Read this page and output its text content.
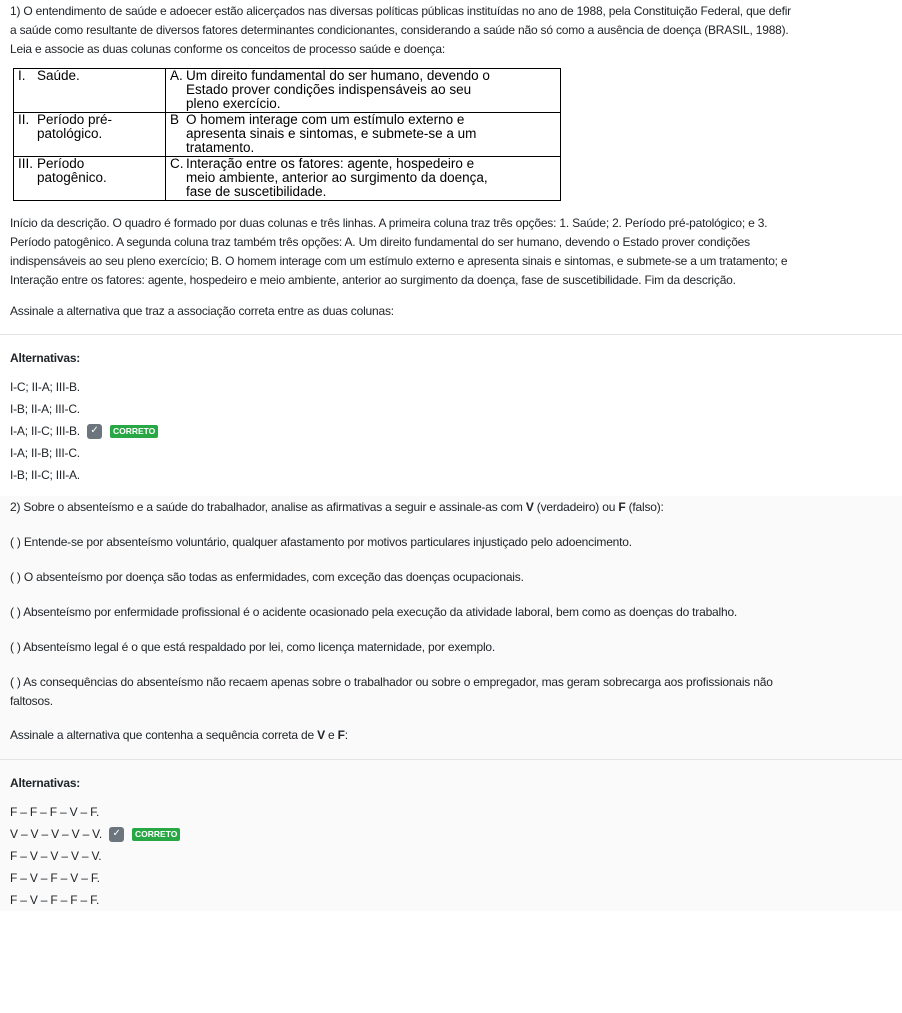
1) O entendimento de saúde e adoecer estão alicerçados nas diversas políticas públicas instituídas no ano de 1988, pela Constituição Federal, que defir
a saúde como resultante de diversos fatores determinantes condicionantes, considerando a saúde não só como a ausência de doença (BRASIL, 1988).
Leia e associe as duas colunas conforme os conceitos de processo saúde e doença:

I. Saúde.	A. Um direito fundamental do ser humano, devendo o
Estado prover condições indispensáveis ao seu
pleno exercício.

II. Período pré-
patológico.	B O homem interage com um estímulo externo e
apresenta sinais e sintomas, e submete-se a um
tratamento.

III. Período
patogênico.	C. Interação entre os fatores: agente, hospedeiro e
meio ambiente, anterior ao surgimento da doença,
fase de suscetibilidade.

Início da descrição. O quadro é formado por duas colunas e três linhas. A primeira coluna traz três opções: 1. Saúde; 2. Período pré-patológico; e 3.
Período patogênico. A segunda coluna traz também três opções: A. Um direito fundamental do ser humano, devendo o Estado prover condições
indispensáveis ao seu pleno exercício; B. O homem interage com um estímulo externo e apresenta sinais e sintomas, e submete-se a um tratamento; e
Interação entre os fatores: agente, hospedeiro e meio ambiente, anterior ao surgimento da doença, fase de suscetibilidade. Fim da descrição.

Assinale a alternativa que traz a associação correta entre as duas colunas:

Alternativas:
I-C; II-A; III-B.
I-B; II-A; III-C.
I-A; II-C; III-B.	✓	CORRETO
I-A; II-B; III-C.
I-B; II-C; III-A.

2) Sobre o absenteísmo e a saúde do trabalhador, analise as afirmativas a seguir e assinale-as com V (verdadeiro) ou F (falso):

( ) Entende-se por absenteísmo voluntário, qualquer afastamento por motivos particulares injustiçado pelo adoencimento.

( ) O absenteísmo por doença são todas as enfermidades, com exceção das doenças ocupacionais.

( ) Absenteísmo por enfermidade profissional é o acidente ocasionado pela execução da atividade laboral, bem como as doenças do trabalho.

( ) Absenteísmo legal é o que está respaldado por lei, como licença maternidade, por exemplo.

( ) As consequências do absenteísmo não recaem apenas sobre o trabalhador ou sobre o empregador, mas geram sobrecarga aos profissionais não
faltosos.

Assinale a alternativa que contenha a sequência correta de V e F:

Alternativas:
F – F – F – V – F.
V – V – V – V – V.	✓	CORRETO
F – V – V – V – V.
F – V – F – V – F.
F – V – F – F – F.
